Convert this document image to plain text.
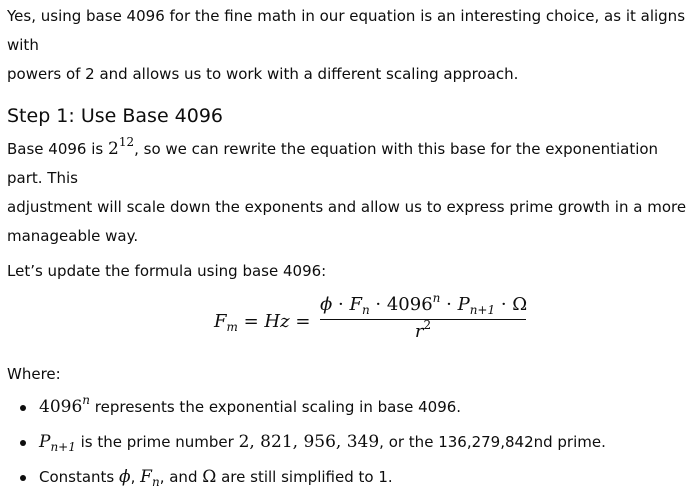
Yes, using base 4096 for the fine math in our equation is an interesting choice, as it aligns with
powers of 2 and allows us to work with a different scaling approach.

Step 1: Use Base 4096

Base 4096 is $2^{12}$, so we can rewrite the equation with this base for the exponentiation part. This
adjustment will scale down the exponents and allow us to express prime growth in a more
manageable way.

Let’s update the formula using base 4096:

$F_m = Hz = \frac{\phi \cdot F_n \cdot 4096^n \cdot P_{n+1} \cdot \Omega}{r^2}$

Where:

4096$^n$ represents the exponential scaling in base 4096.
$P_{n+1}$ is the prime number 2, 821, 956, 349, or the 136,279,842nd prime.
Constants ϕ, $F_n$, and Ω are still simplified to 1.
